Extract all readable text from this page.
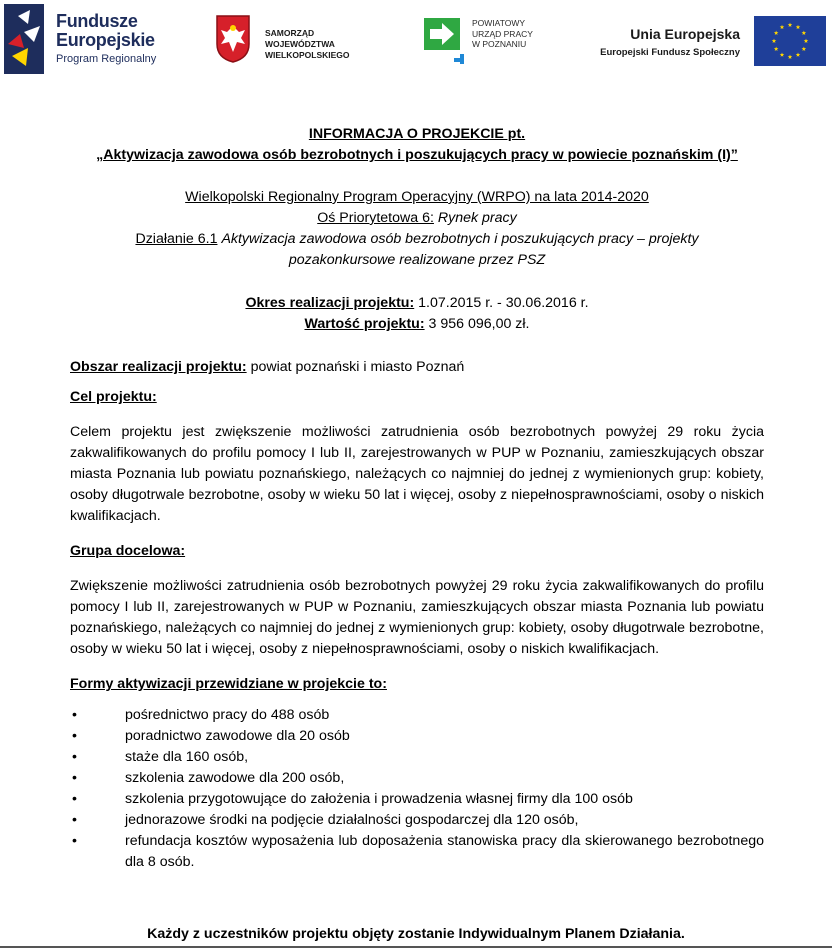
Fundusze
Europejskie
Program Regionalny
SAMORZĄD WOJEWÓDZTWA
WIELKOPOLSKIEGO
POWIATOWY
URZĄD PRACY
W POZNANIU
Unia Europejska
Europejski Fundusz Społeczny
INFORMACJA O PROJEKCIE pt.
„Aktywizacja zawodowa osób bezrobotnych i poszukujących pracy w powiecie poznańskim (I)”
Wielkopolski Regionalny Program Operacyjny (WRPO) na lata 2014-2020
Oś Priorytetowa 6: Rynek pracy
Działanie 6.1 Aktywizacja zawodowa osób bezrobotnych i poszukujących pracy – projekty pozakonkursowe realizowane przez PSZ
Okres realizacji projektu: 1.07.2015 r. - 30.06.2016 r.
Wartość projektu: 3 956 096,00 zł.
Obszar realizacji projektu: powiat poznański i miasto Poznań
Cel projektu:
Celem projektu jest zwiększenie możliwości zatrudnienia osób bezrobotnych powyżej 29 roku życia zakwalifikowanych do profilu pomocy I lub II, zarejestrowanych w PUP w Poznaniu, zamieszkujących obszar miasta Poznania lub powiatu poznańskiego, należących co najmniej do jednej z wymienionych grup: kobiety, osoby długotrwale bezrobotne, osoby w wieku 50 lat i więcej, osoby z niepełnosprawnościami, osoby o niskich kwalifikacjach.
Grupa docelowa:
Zwiększenie możliwości zatrudnienia osób bezrobotnych powyżej 29 roku życia zakwalifikowanych do profilu pomocy I lub II, zarejestrowanych w PUP w Poznaniu, zamieszkujących obszar miasta Poznania lub powiatu poznańskiego, należących co najmniej do jednej z wymienionych grup: kobiety, osoby długotrwale bezrobotne, osoby w wieku 50 lat i więcej, osoby z niepełnosprawnościami, osoby o niskich kwalifikacjach.
Formy aktywizacji przewidziane w projekcie to:
•	pośrednictwo pracy do 488 osób
•	poradnictwo zawodowe dla 20 osób
•	staże dla 160 osób,
•	szkolenia zawodowe dla 200 osób,
•	szkolenia przygotowujące do założenia i prowadzenia własnej firmy dla 100 osób
•	jednorazowe środki na podjęcie działalności gospodarczej dla 120 osób,
•	refundacja kosztów wyposażenia lub doposażenia stanowiska pracy dla skierowanego bezrobotnego dla 8 osób.
Każdy z uczestników projektu objęty zostanie Indywidualnym Planem Działania.
